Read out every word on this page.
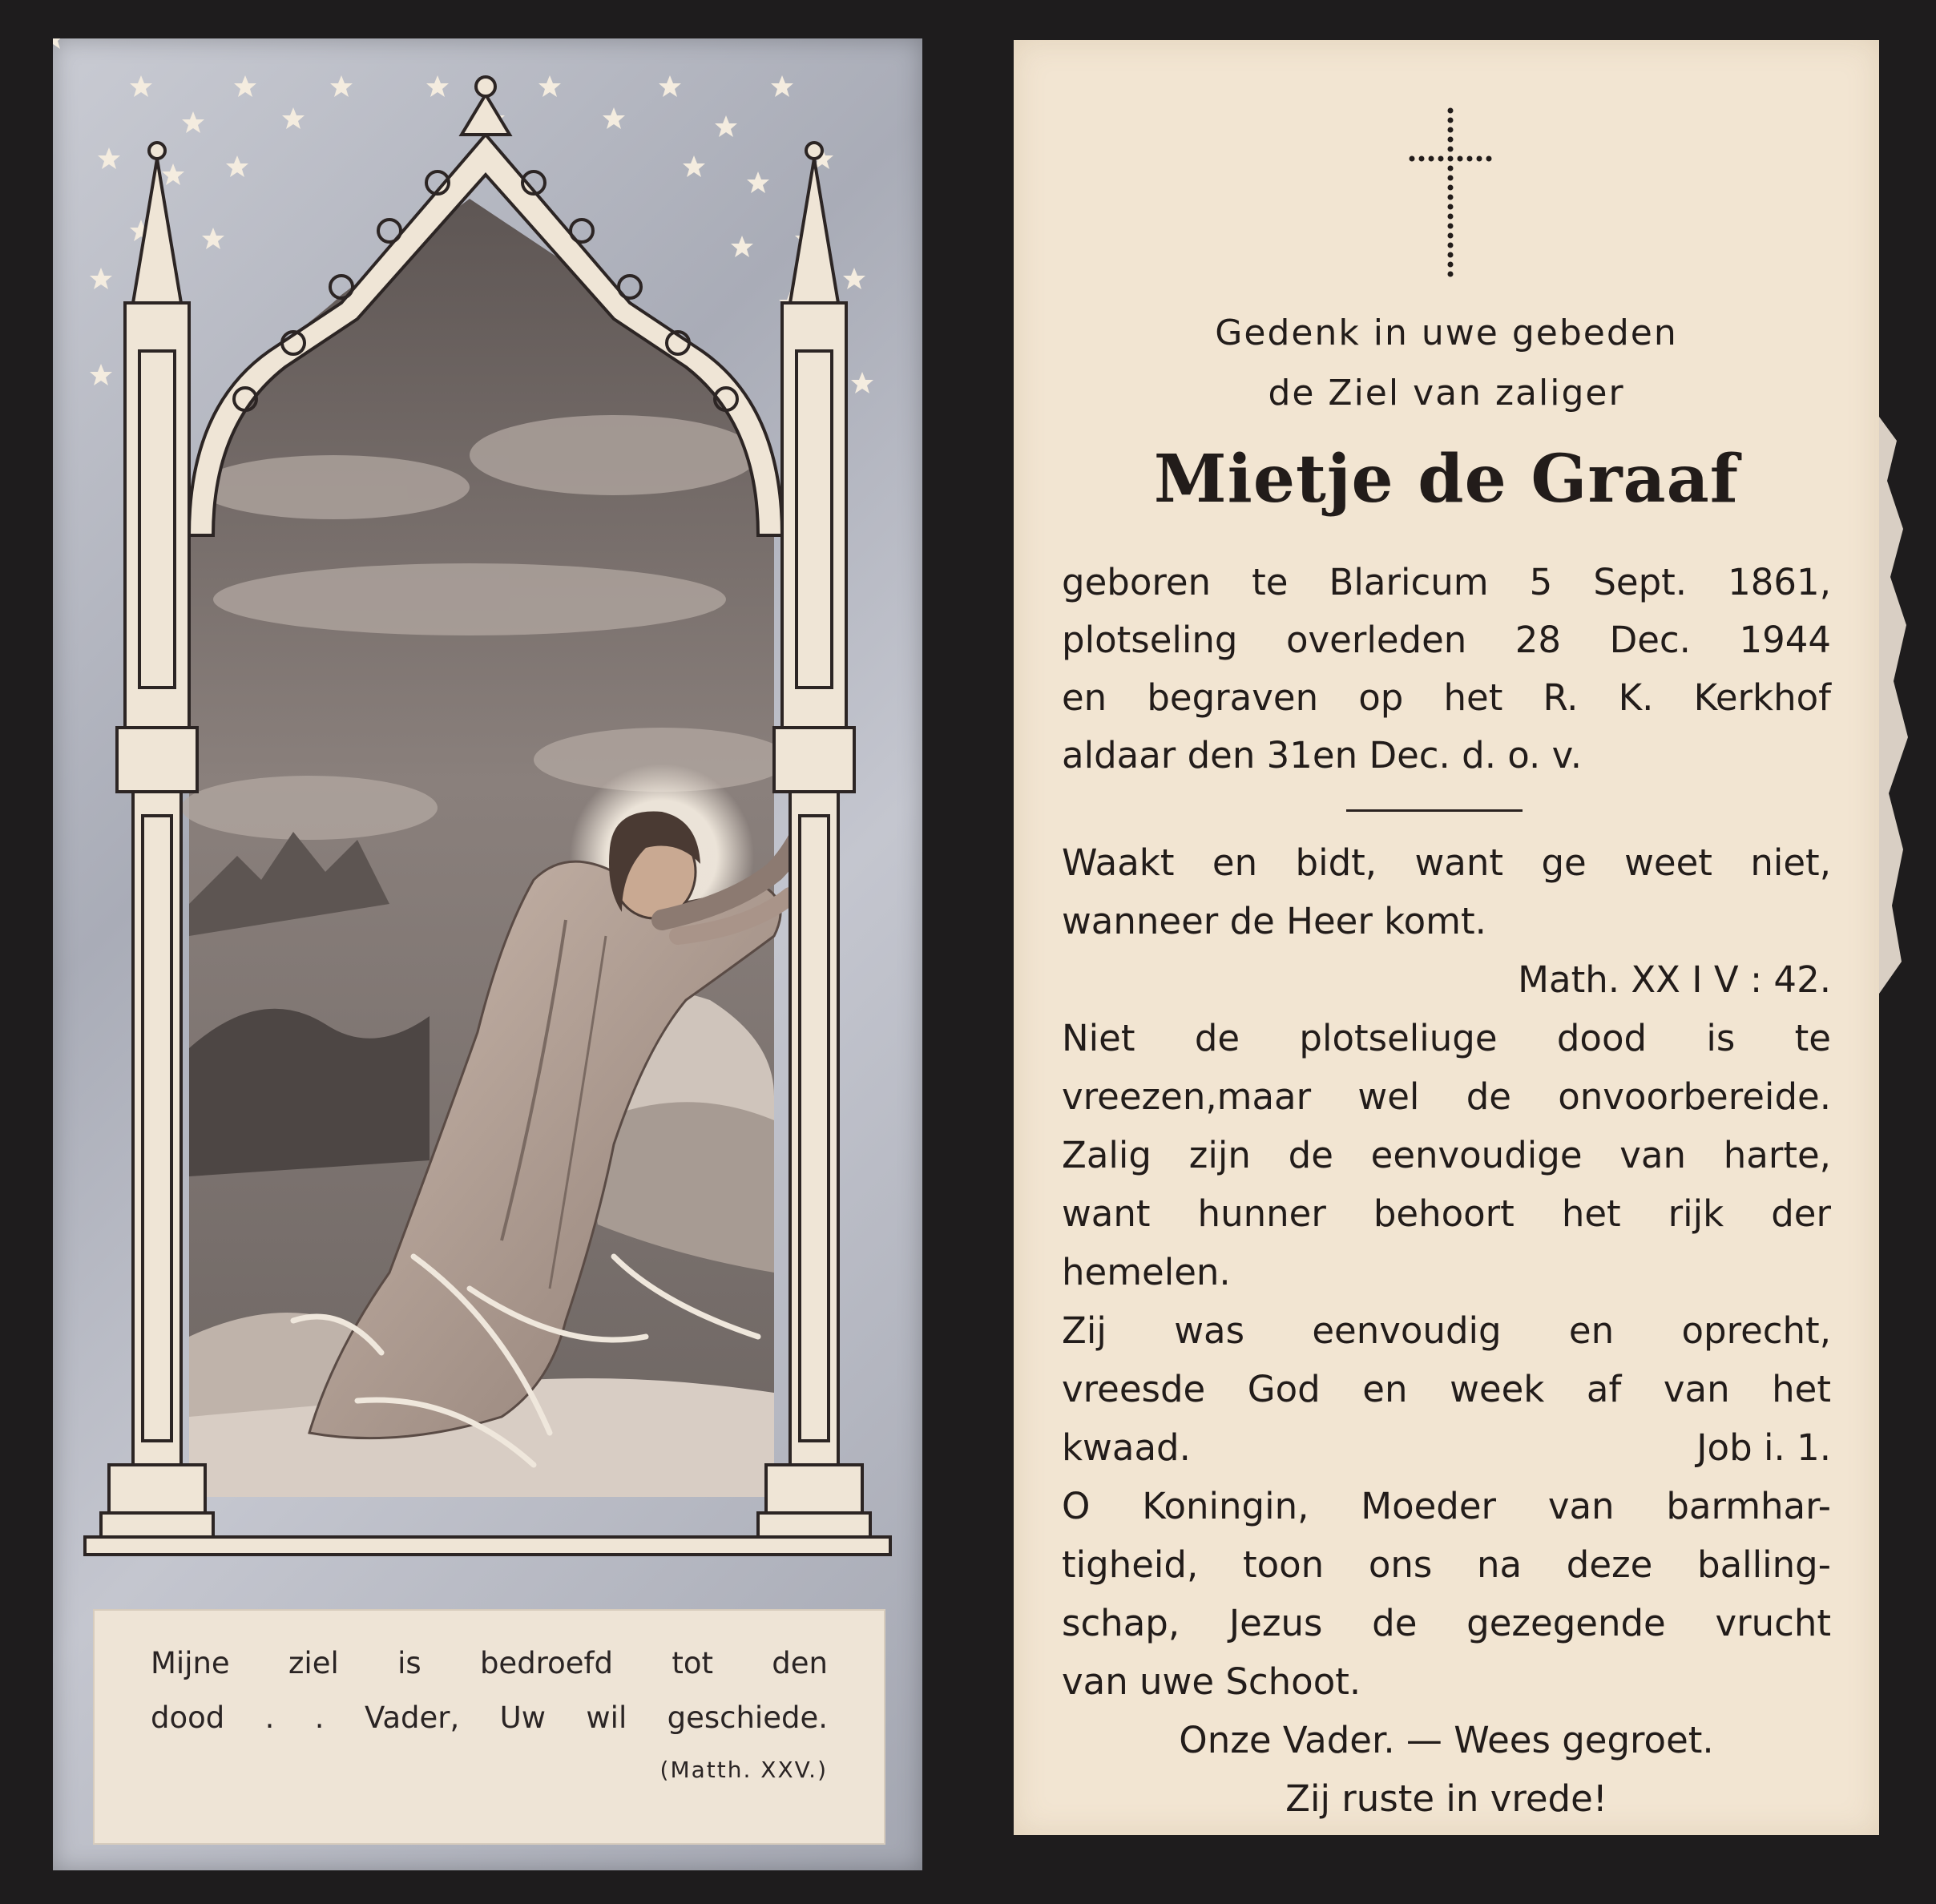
Mijne ziel is bedroefd tot den
dood . . Vader, Uw wil geschiede.
(Matth. XXV.)
Gedenk in uwe gebeden
de Ziel van zaliger
Mietje de Graaf
geboren te Blaricum 5 Sept. 1861,
plotseling overleden 28 Dec. 1944
en begraven op het R. K. Kerkhof
aldaar den 31en Dec. d. o. v.
Waakt en bidt, want ge weet niet,
wanneer de Heer komt.
Math. XX I V : 42.
Niet de plotseliuge dood is te
vreezen,maar wel de onvoorbereide.
Zalig zijn de eenvoudige van harte,
want hunner behoort het rijk der
hemelen.
Zij was eenvoudig en oprecht,
vreesde God en week af van het
kwaad.	Job i. 1.
O Koningin, Moeder van barmhar-
tigheid, toon ons na deze balling-
schap, Jezus de gezegende vrucht
van uwe Schoot.
Onze Vader. — Wees gegroet.
Zij ruste in vrede!
